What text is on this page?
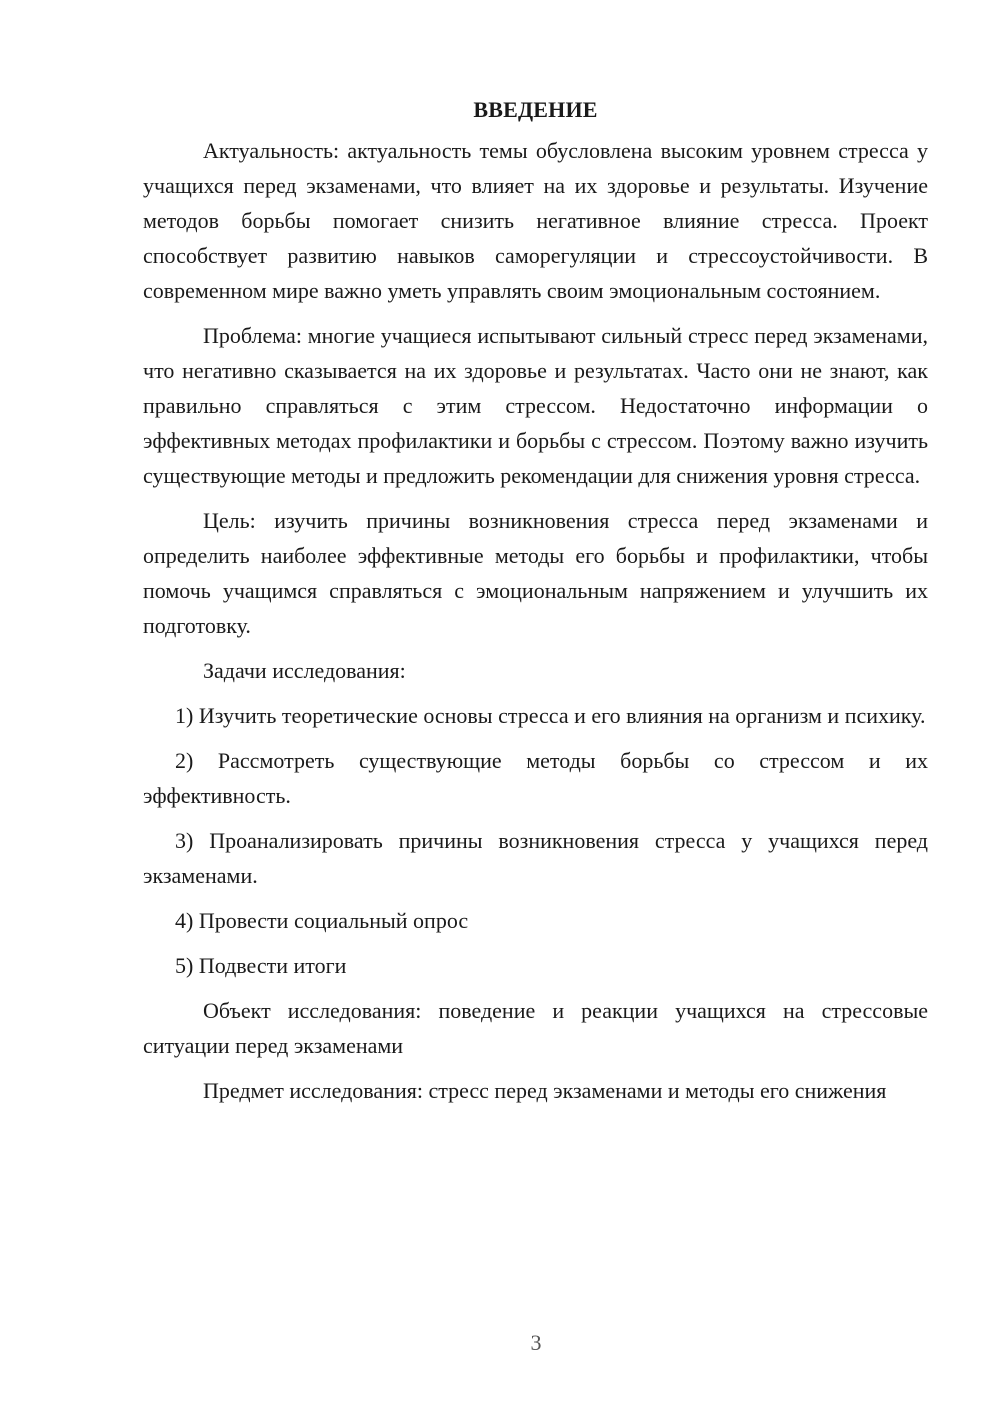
ВВЕДЕНИЕ

Актуальность: актуальность темы обусловлена высоким уровнем стресса у учащихся перед экзаменами, что влияет на их здоровье и результаты. Изучение методов борьбы помогает снизить негативное влияние стресса. Проект способствует развитию навыков саморегуляции и стрессоустойчивости. В современном мире важно уметь управлять своим эмоциональным состоянием.

Проблема: многие учащиеся испытывают сильный стресс перед экзаменами, что негативно сказывается на их здоровье и результатах. Часто они не знают, как правильно справляться с этим стрессом. Недостаточно информации о эффективных методах профилактики и борьбы с стрессом. Поэтому важно изучить существующие методы и предложить рекомендации для снижения уровня стресса.

Цель: изучить причины возникновения стресса перед экзаменами и определить наиболее эффективные методы его борьбы и профилактики, чтобы помочь учащимся справляться с эмоциональным напряжением и улучшить их подготовку.

Задачи исследования:

1) Изучить теоретические основы стресса и его влияния на организм и психику.

2) Рассмотреть существующие методы борьбы со стрессом и их эффективность.

3) Проанализировать причины возникновения стресса у учащихся перед экзаменами.

4) Провести социальный опрос

5) Подвести итоги

Объект исследования: поведение и реакции учащихся на стрессовые ситуации перед экзаменами

Предмет исследования: стресс перед экзаменами и методы его снижения

3
